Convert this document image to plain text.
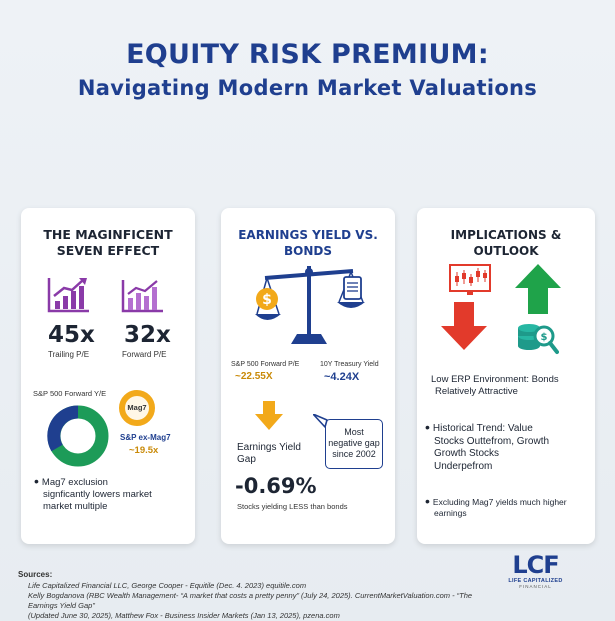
EQUITY RISK PREMIUM:
Navigating Modern Market Valuations
THE MAGINFICENT
SEVEN EFFECT
45x
Trailing P/E
32x
Forward P/E
S&P 500 Forward Y/E
Mag7
S&P ex-Mag7
~19.5x
• Mag7 exclusion
signficantly lowers market
market multiple
EARNINGS YIELD VS. BONDS
$
S&P 500 Forward P/E
~22.55X
10Y Treasury Yield
~4.24X
Earnings Yield
Gap
-0.69%
Stocks yielding LESS than bonds
Most
negative gap
since 2002
IMPLICATIONS & OUTLOOK
$
Low ERP Environment: Bonds
Relatively Attractive
• Historical Trend: Value
Stocks Outtefrom, Growth
Growth Stocks
Underpefrom
• Excluding Mag7 yields much higher
earnings
LCF
LIFE CAPITALIZED
FINANCIAL
Sources:
Life Capitalized Financial LLC, George Cooper - Equitile (Dec. 4. 2023) equitile.com
Kelly Bogdanova (RBC Wealth Management- “A market that costs a pretty penny” (July 24, 2025). CurrentMarketValuation.com - “The Earnings Yield Gap”
(Updated June 30, 2025), Matthew Fox - Business Insider Markets (Jan 13, 2025), pzena.com
